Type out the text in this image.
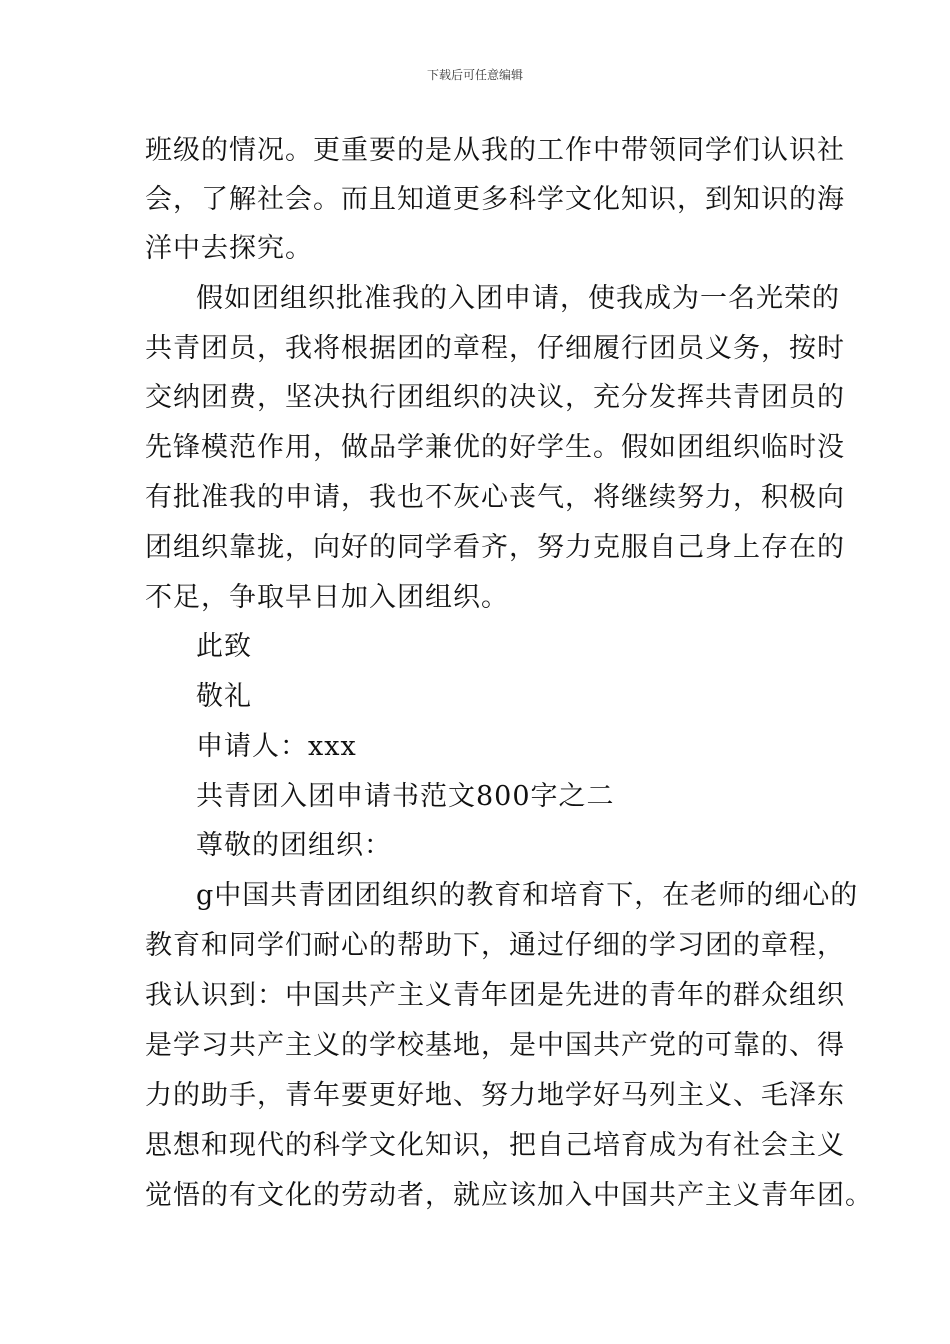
下载后可任意编辑
班级的情况。更重要的是从我的工作中带领同学们认识社
会，了解社会。而且知道更多科学文化知识，到知识的海
洋中去探究。
假如团组织批准我的入团申请，使我成为一名光荣的
共青团员，我将根据团的章程，仔细履行团员义务，按时
交纳团费，坚决执行团组织的决议，充分发挥共青团员的
先锋模范作用，做品学兼优的好学生。假如团组织临时没
有批准我的申请，我也不灰心丧气，将继续努力，积极向
团组织靠拢，向好的同学看齐，努力克服自己身上存在的
不足，争取早日加入团组织。
此致
敬礼
申请人：xxx
共青团入团申请书范文800字之二
尊敬的团组织：
g中国共青团团组织的教育和培育下，在老师的细心的
教育和同学们耐心的帮助下，通过仔细的学习团的章程，
我认识到：中国共产主义青年团是先进的青年的群众组织
是学习共产主义的学校基地，是中国共产党的可靠的、得
力的助手，青年要更好地、努力地学好马列主义、毛泽东
思想和现代的科学文化知识，把自己培育成为有社会主义
觉悟的有文化的劳动者，就应该加入中国共产主义青年团。
